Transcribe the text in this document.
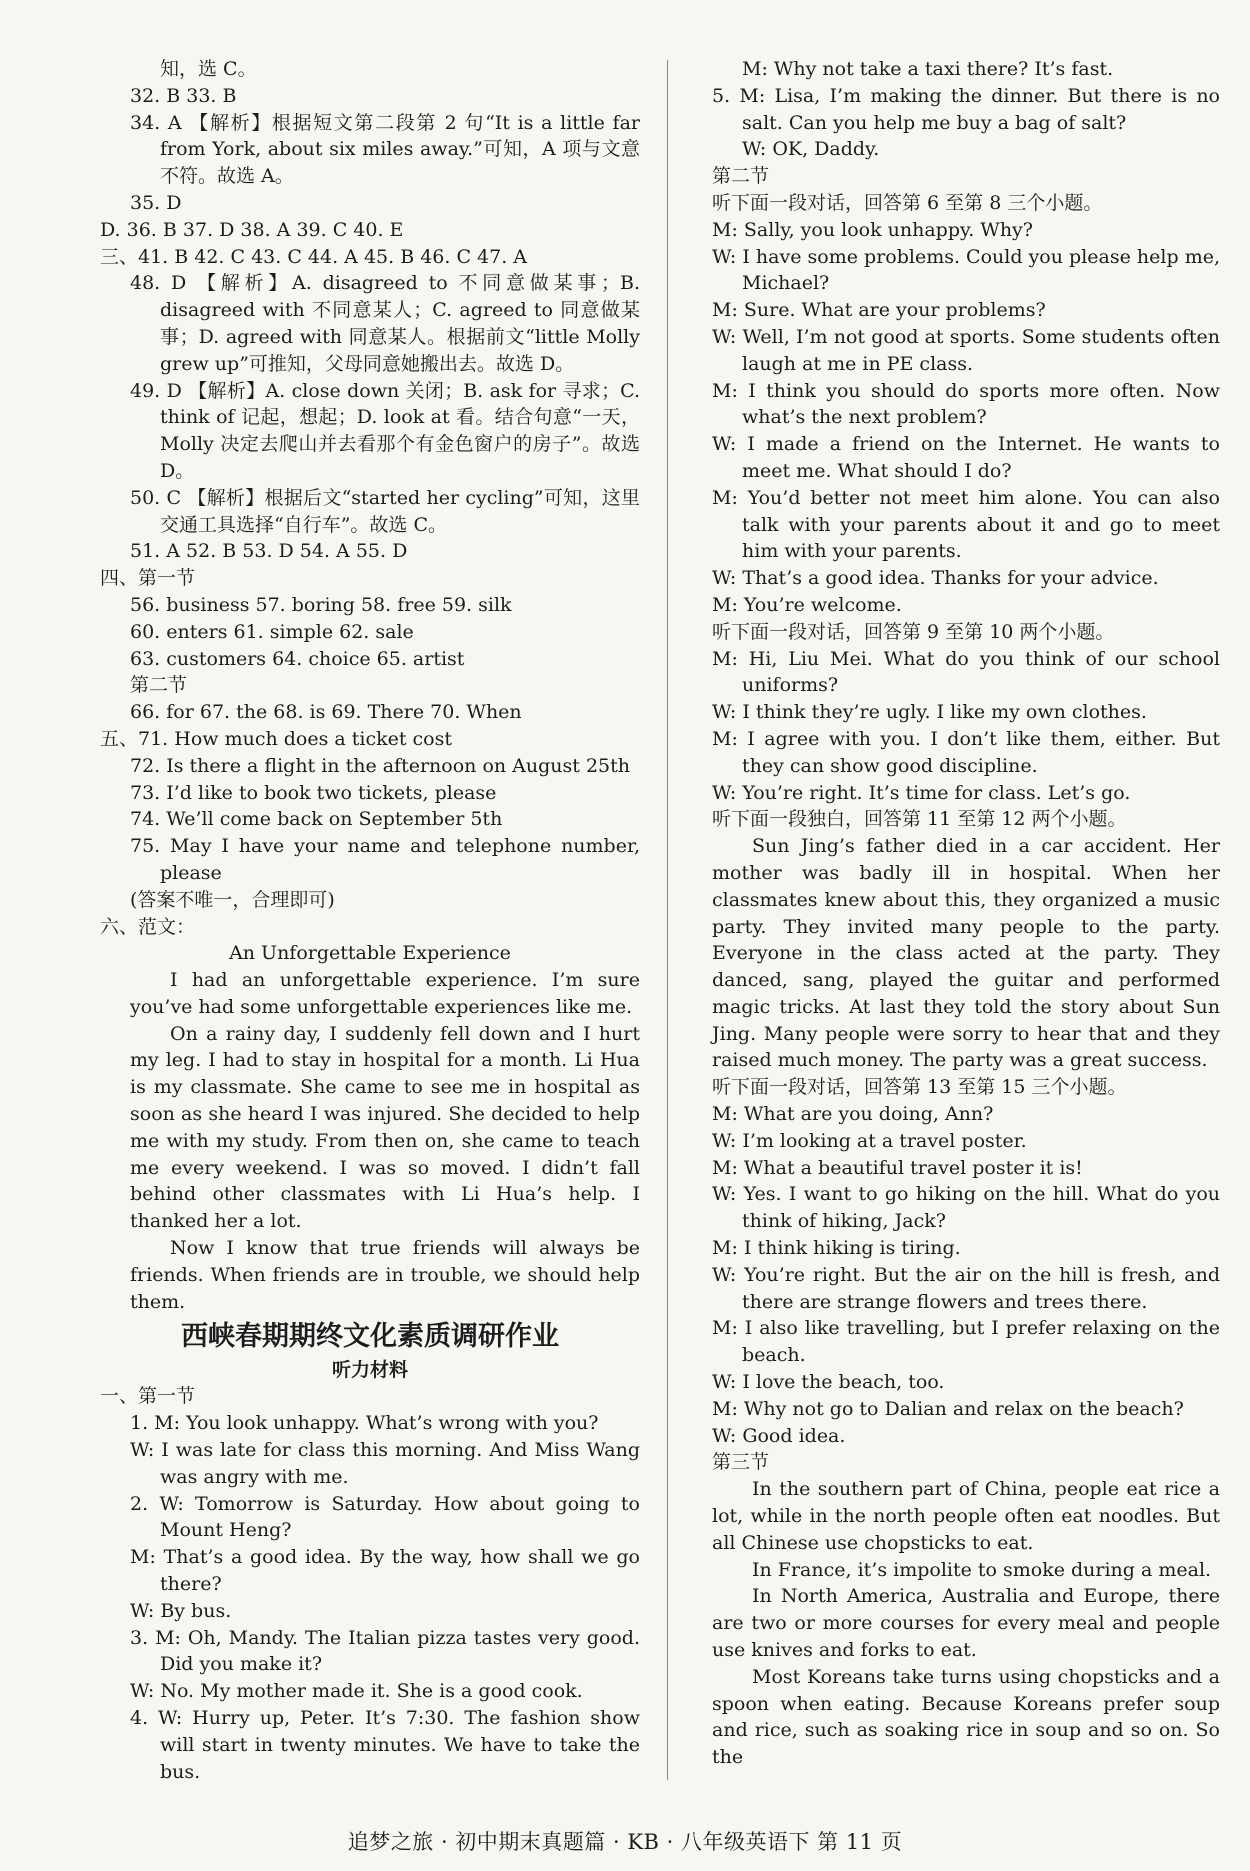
知，选 C。
32. B 33. B
34. A 【解析】根据短文第二段第 2 句“It is a little far from York, about six miles away.”可知，A 项与文意不符。故选 A。
35. D
D. 36. B 37. D 38. A 39. C 40. E
三、41. B 42. C 43. C 44. A 45. B 46. C 47. A
48. D 【解析】A. disagreed to 不同意做某事；B. disagreed with 不同意某人；C. agreed to 同意做某事；D. agreed with 同意某人。根据前文“little Molly grew up”可推知，父母同意她搬出去。故选 D。
49. D 【解析】A. close down 关闭；B. ask for 寻求；C. think of 记起，想起；D. look at 看。结合句意“一天，Molly 决定去爬山并去看那个有金色窗户的房子”。故选 D。
50. C 【解析】根据后文“started her cycling”可知，这里交通工具选择“自行车”。故选 C。
51. A 52. B 53. D 54. A 55. D
四、第一节
56. business 57. boring 58. free 59. silk
60. enters 61. simple 62. sale
63. customers 64. choice 65. artist
第二节
66. for 67. the 68. is 69. There 70. When
五、71. How much does a ticket cost
72. Is there a flight in the afternoon on August 25th
73. I’d like to book two tickets, please
74. We’ll come back on September 5th
75. May I have your name and telephone number, please
(答案不唯一，合理即可)
六、范文：
An Unforgettable Experience
I had an unforgettable experience. I’m sure you’ve had some unforgettable experiences like me.
On a rainy day, I suddenly fell down and I hurt my leg. I had to stay in hospital for a month. Li Hua is my classmate. She came to see me in hospital as soon as she heard I was injured. She decided to help me with my study. From then on, she came to teach me every weekend. I was so moved. I didn’t fall behind other classmates with Li Hua’s help. I thanked her a lot.
Now I know that true friends will always be friends. When friends are in trouble, we should help them.
西峡春期期终文化素质调研作业
听力材料
一、第一节
1. M: You look unhappy. What’s wrong with you?
W: I was late for class this morning. And Miss Wang was angry with me.
2. W: Tomorrow is Saturday. How about going to Mount Heng?
M: That’s a good idea. By the way, how shall we go there?
W: By bus.
3. M: Oh, Mandy. The Italian pizza tastes very good. Did you make it?
W: No. My mother made it. She is a good cook.
4. W: Hurry up, Peter. It’s 7:30. The fashion show will start in twenty minutes. We have to take the bus.
M: Why not take a taxi there? It’s fast.
5. M: Lisa, I’m making the dinner. But there is no salt. Can you help me buy a bag of salt?
W: OK, Daddy.
第二节
听下面一段对话，回答第 6 至第 8 三个小题。
M: Sally, you look unhappy. Why?
W: I have some problems. Could you please help me, Michael?
M: Sure. What are your problems?
W: Well, I’m not good at sports. Some students often laugh at me in PE class.
M: I think you should do sports more often. Now what’s the next problem?
W: I made a friend on the Internet. He wants to meet me. What should I do?
M: You’d better not meet him alone. You can also talk with your parents about it and go to meet him with your parents.
W: That’s a good idea. Thanks for your advice.
M: You’re welcome.
听下面一段对话，回答第 9 至第 10 两个小题。
M: Hi, Liu Mei. What do you think of our school uniforms?
W: I think they’re ugly. I like my own clothes.
M: I agree with you. I don’t like them, either. But they can show good discipline.
W: You’re right. It’s time for class. Let’s go.
听下面一段独白，回答第 11 至第 12 两个小题。
Sun Jing’s father died in a car accident. Her mother was badly ill in hospital. When her classmates knew about this, they organized a music party. They invited many people to the party. Everyone in the class acted at the party. They danced, sang, played the guitar and performed magic tricks. At last they told the story about Sun Jing. Many people were sorry to hear that and they raised much money. The party was a great success.
听下面一段对话，回答第 13 至第 15 三个小题。
M: What are you doing, Ann?
W: I’m looking at a travel poster.
M: What a beautiful travel poster it is!
W: Yes. I want to go hiking on the hill. What do you think of hiking, Jack?
M: I think hiking is tiring.
W: You’re right. But the air on the hill is fresh, and there are strange flowers and trees there.
M: I also like travelling, but I prefer relaxing on the beach.
W: I love the beach, too.
M: Why not go to Dalian and relax on the beach?
W: Good idea.
第三节
In the southern part of China, people eat rice a lot, while in the north people often eat noodles. But all Chinese use chopsticks to eat.
In France, it’s impolite to smoke during a meal.
In North America, Australia and Europe, there are two or more courses for every meal and people use knives and forks to eat.
Most Koreans take turns using chopsticks and a spoon when eating. Because Koreans prefer soup and rice, such as soaking rice in soup and so on. So the
追梦之旅 · 初中期末真题篇 · KB · 八年级英语下 第 11 页
